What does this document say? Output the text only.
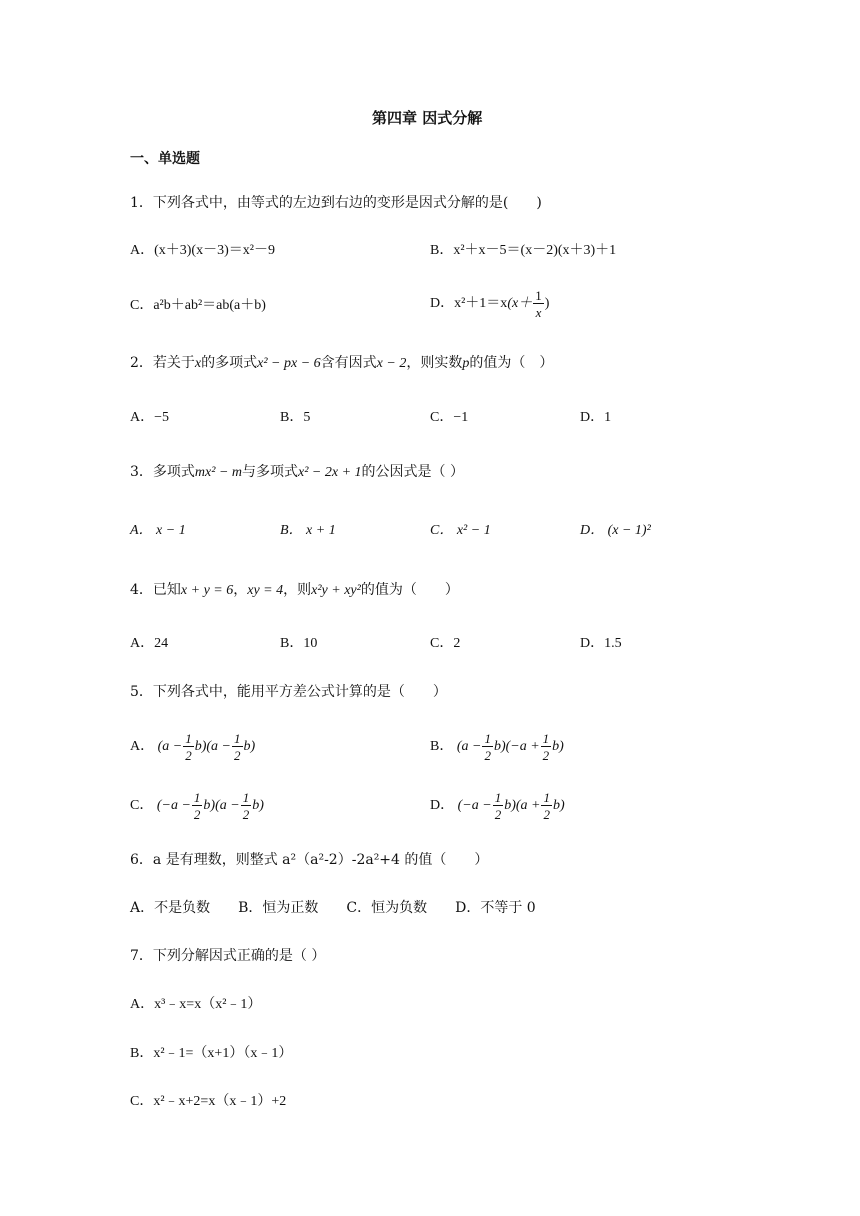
第四章 因式分解
一、单选题
1．下列各式中，由等式的左边到右边的变形是因式分解的是(　　)
A．(x＋3)(x－3)＝x²－9	B．x²＋x－5＝(x－2)(x＋3)＋1
C．a²b＋ab²＝ab(a＋b)	D．$x^2+1=x(x+ \frac{1}{x}$ )
2．若关于x的多项式x² − px − 6含有因式x − 2，则实数p的值为（　）
A．−5	B．5	C．−1	D．1
3．多项式mx² − m与多项式x² − 2x + 1的公因式是（ ）
A． x − 1	B． x + 1	C． x² − 1	D． (x − 1)²
4．已知x + y = 6，xy = 4，则x²y + xy²的值为（　　）
A．24	B．10	C．2	D．1.5
5．下列各式中，能用平方差公式计算的是（　　）
A． $(a - \frac{1}{2} b)(a - \frac{1}{2} b)$	B． $(a - \frac{1}{2} b)(-a + \frac{1}{2} b)$
C． $(-a - \frac{1}{2} b)(a - \frac{1}{2} b)$	D． $(-a - \frac{1}{2} b)(a + \frac{1}{2} b)$
6．a 是有理数，则整式 a²（a²-2）-2a²+4 的值（　　）
A．不是负数　　B．恒为正数　　C．恒为负数　　D．不等于 0
7．下列分解因式正确的是（ ）
A．x³﹣x=x（x²﹣1）
B．x²﹣1=（x+1）（x﹣1）
C．x²﹣x+2=x（x﹣1）+2
